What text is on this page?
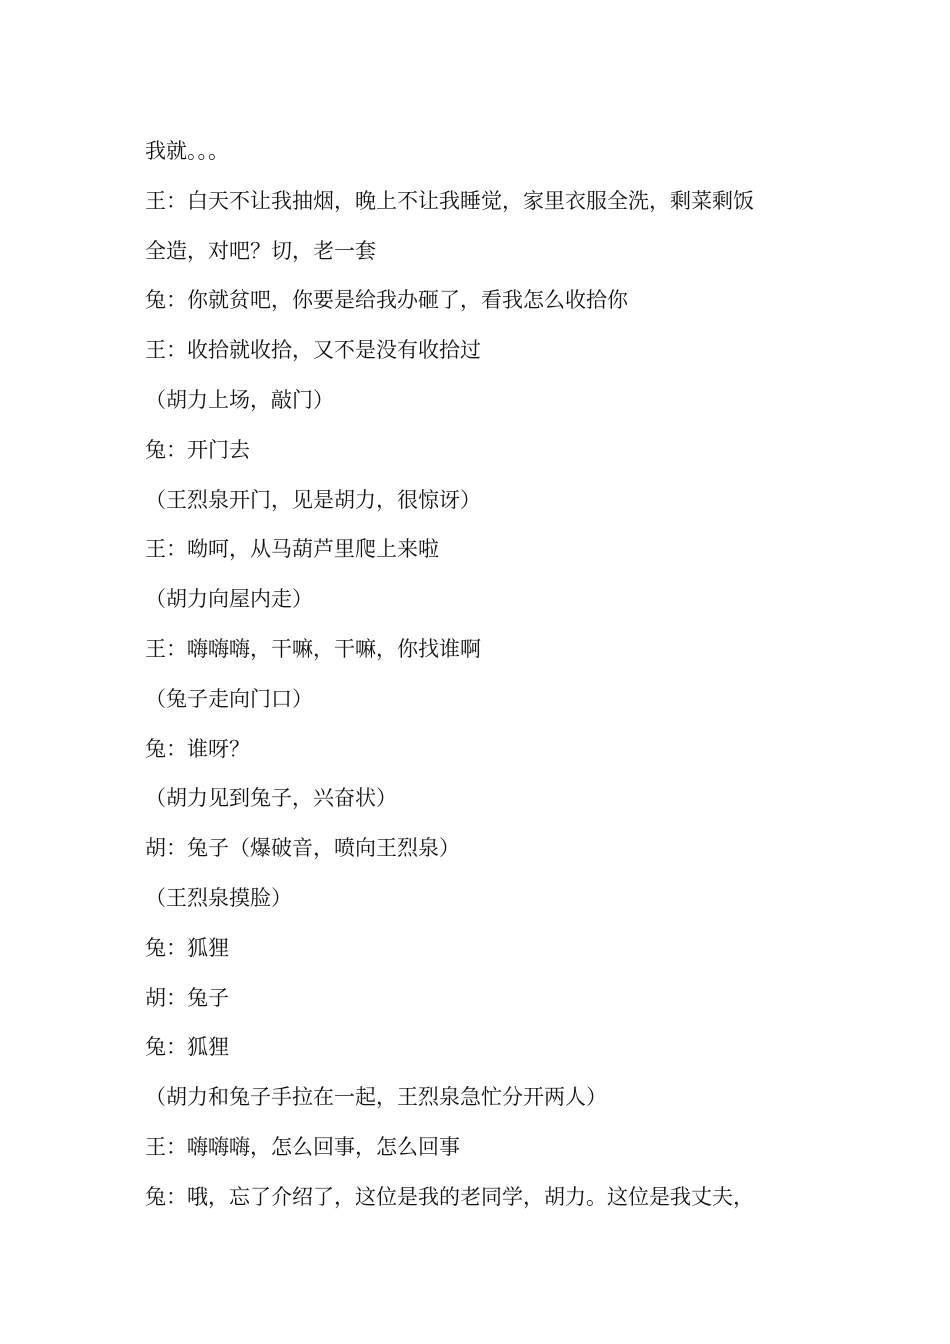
我就。。。
王：白天不让我抽烟，晚上不让我睡觉，家里衣服全洗，剩菜剩饭
全造，对吧？切，老一套
兔：你就贫吧，你要是给我办砸了，看我怎么收拾你
王：收拾就收拾，又不是没有收拾过
（胡力上场，敲门）
兔：开门去
（王烈泉开门，见是胡力，很惊讶）
王：呦呵，从马葫芦里爬上来啦
（胡力向屋内走）
王：嗨嗨嗨，干嘛，干嘛，你找谁啊
（兔子走向门口）
兔：谁呀？
（胡力见到兔子，兴奋状）
胡：兔子（爆破音，喷向王烈泉）
（王烈泉摸脸）
兔：狐狸
胡：兔子
兔：狐狸
（胡力和兔子手拉在一起，王烈泉急忙分开两人）
王：嗨嗨嗨，怎么回事，怎么回事
兔：哦，忘了介绍了，这位是我的老同学，胡力。这位是我丈夫，
